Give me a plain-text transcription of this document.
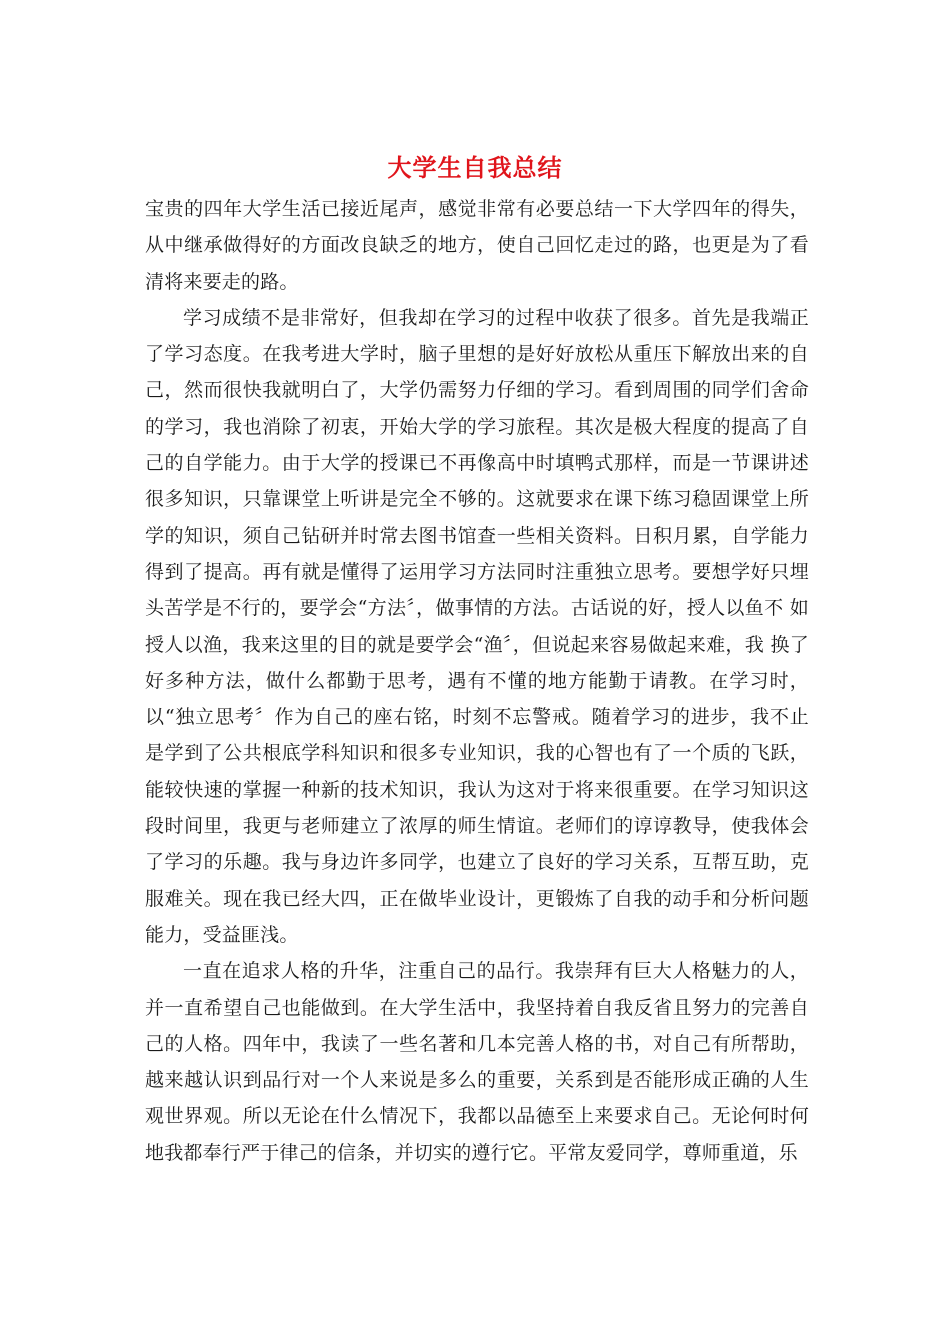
大学生自我总结

宝贵的四年大学生活已接近尾声，感觉非常有必要总结一下大学四年的得失， 从中继承做得好的方面改良缺乏的地方，使自己回忆走过的路，也更是为了看 清将来要走的路。

学习成绩不是非常好，但我却在学习的过程中收获了很多。首先是我端正 了学习态度。在我考进大学时，脑子里想的是好好放松从重压下解放出来的自 己，然而很快我就明白了，大学仍需努力仔细的学习。看到周围的同学们舍命 的学习，我也消除了初衷，开始大学的学习旅程。其次是极大程度的提高了自 己的自学能力。由于大学的授课已不再像高中时填鸭式那样，而是一节课讲述 很多知识，只靠课堂上听讲是完全不够的。这就要求在课下练习稳固课堂上所 学的知识，须自己钻研并时常去图书馆查一些相关资料。日积月累，自学能力 得到了提高。再有就是懂得了运用学习方法同时注重独立思考。要想学好只埋 头苦学是不行的，要学会“方法〞，做事情的方法。古话说的好，授人以鱼不 如授人以渔，我来这里的目的就是要学会“渔〞，但说起来容易做起来难，我 换了好多种方法，做什么都勤于思考，遇有不懂的地方能勤于请教。在学习时， 以“独立思考〞作为自己的座右铭，时刻不忘警戒。随着学习的进步，我不止 是学到了公共根底学科知识和很多专业知识，我的心智也有了一个质的飞跃， 能较快速的掌握一种新的技术知识，我认为这对于将来很重要。在学习知识这 段时间里，我更与老师建立了浓厚的师生情谊。老师们的谆谆教导，使我体会 了学习的乐趣。我与身边许多同学，也建立了良好的学习关系，互帮互助，克 服难关。现在我已经大四，正在做毕业设计，更锻炼了自我的动手和分析问题 能力，受益匪浅。

一直在追求人格的升华，注重自己的品行。我崇拜有巨大人格魅力的人， 并一直希望自己也能做到。在大学生活中，我坚持着自我反省且努力的完善自 己的人格。四年中，我读了一些名著和几本完善人格的书，对自己有所帮助， 越来越认识到品行对一个人来说是多么的重要，关系到是否能形成正确的人生 观世界观。所以无论在什么情况下，我都以品德至上来要求自己。无论何时何 地我都奉行严于律己的信条，并切实的遵行它。平常友爱同学，尊师重道，乐
